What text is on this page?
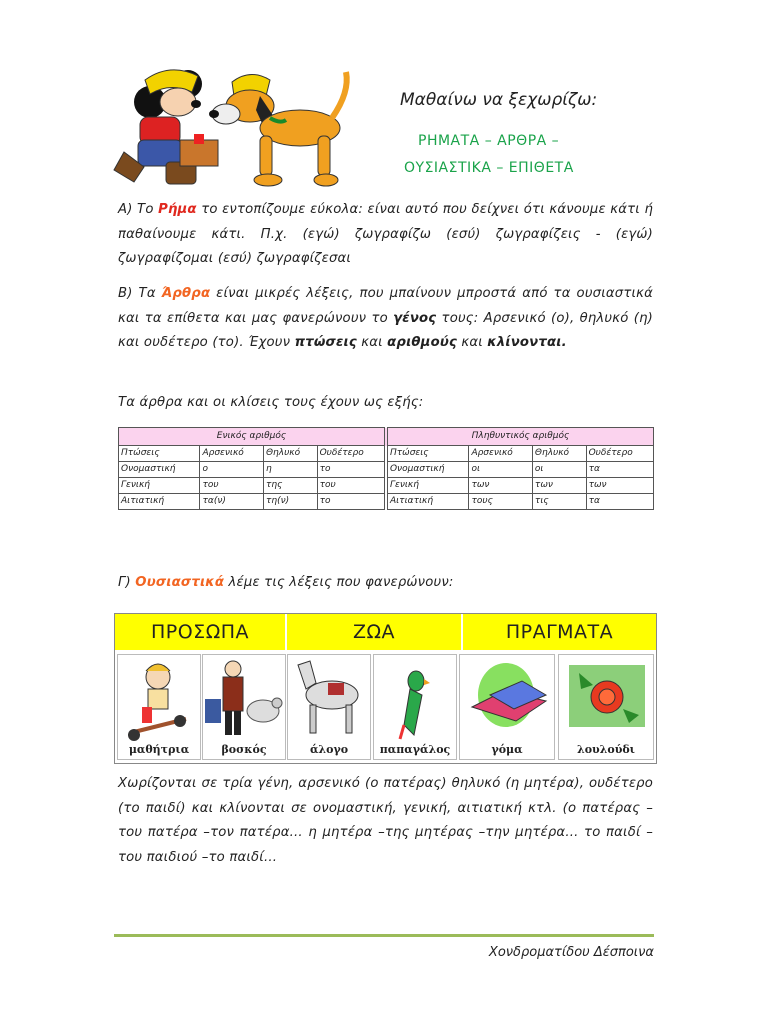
Μαθαίνω να ξεχωρίζω:
ΡΗΜΑΤΑ – ΑΡΘΡΑ –
ΟΥΣΙΑΣΤΙΚΑ – ΕΠΙΘΕΤΑ
Α) Το Ρήμα το εντοπίζουμε εύκολα: είναι αυτό που δείχνει ότι κάνουμε κάτι ή παθαίνουμε κάτι. Π.χ. (εγώ) ζωγραφίζω (εσύ) ζωγραφίζεις - (εγώ) ζωγραφίζομαι (εσύ) ζωγραφίζεσαι
Β) Τα Άρθρα είναι μικρές λέξεις, που μπαίνουν μπροστά από τα ουσιαστικά και τα επίθετα και μας φανερώνουν το γένος τους: Αρσενικό (ο), θηλυκό (η) και ουδέτερο (το). Έχουν πτώσεις και αριθμούς και κλίνονται.
Τα άρθρα και οι κλίσεις τους έχουν ως εξής:
Ενικός αριθμός					Πληθυντικός αριθμός			
Πτώσεις	Αρσενικό	Θηλυκό	Ουδέτερο		Πτώσεις	Αρσενικό	Θηλυκό	Ουδέτερο
Ονομαστική	ο	η	το		Ονομαστική	οι	οι	τα
Γενική	του	της	του		Γενική	των	των	των
Αιτιατική	τα(ν)	τη(ν)	το		Αιτιατική	τους	τις	τα
Γ) Ουσιαστικά λέμε τις λέξεις που φανερώνουν:
ΠΡΟΣΩΠΑ	ΖΩΑ	ΠΡΑΓΜΑΤΑ
μαθήτρια	βοσκός	άλογο	παπαγάλος	γόμα	λουλούδι
Χωρίζονται σε τρία γένη, αρσενικό (ο πατέρας) θηλυκό (η μητέρα), ουδέτερο (το παιδί) και κλίνονται σε ονομαστική, γενική, αιτιατική κτλ. (ο πατέρας – του πατέρα –τον πατέρα... η μητέρα –της μητέρας –την μητέρα... το παιδί –του παιδιού –το παιδί...
Χονδροματίδου Δέσποινα
